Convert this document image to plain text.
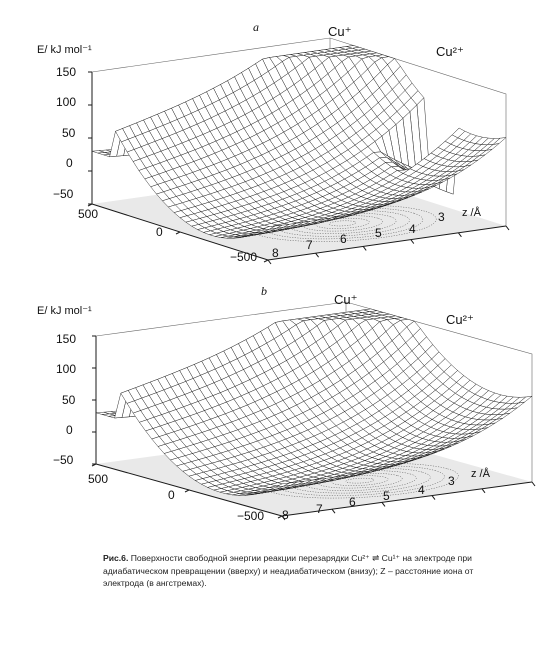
a
E/ kJ mol⁻¹
Cu⁺
Cu²⁺
z /Å
150
100
50
0
−50
3
4
5
6
7
8
500
0
−500
b
E/ kJ mol⁻¹
Cu⁺
Cu²⁺
z /Å
150
100
50
0
−50
3
4
5
6
7
8
500
0
−500
Рис.6. Поверхности свободной энергии реакции перезарядки Cu²⁺ ⇌ Cu¹⁺ на электроде при адиабатическом превращении (вверху) и неадиабатическом (внизу); Z – расстояние иона от электрода (в ангстремах).
